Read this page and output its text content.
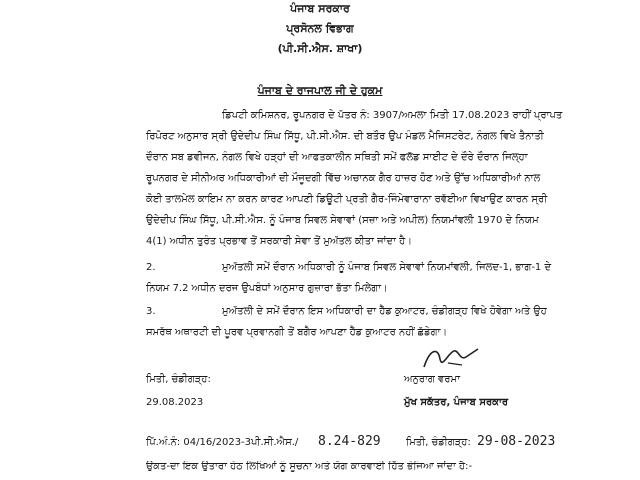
ਪੰਜਾਬ ਸਰਕਾਰ
ਪ੍ਰਸੋਨਲ ਵਿਭਾਗ
(ਪੀ.ਸੀ.ਐਸ. ਸ਼ਾਖਾ)
ਪੰਜਾਬ ਦੇ ਰਾਜਪਾਲ ਜੀ ਦੇ ਹੁਕਮ
ਡਿਪਟੀ ਕਮਿਸ਼ਨਰ, ਰੂਪਨਗਰ ਦੇ ਪੱਤਰ ਨੰ: 3907/ਅਮਲਾ ਮਿਤੀ 17.08.2023 ਰਾਹੀਂ ਪ੍ਰਾਪਤ
ਰਿਪੋਰਟ ਅਨੁਸਾਰ ਸ੍ਰੀ ਉਦੇਦੀਪ ਸਿੰਘ ਸਿੱਧੂ, ਪੀ.ਸੀ.ਐਸ. ਦੀ ਬਤੌਰ ਉਪ ਮੰਡਲ ਮੈਜਿਸਟਰੇਟ, ਨੰਗਲ ਵਿਖੇ ਤੈਨਾਤੀ
ਦੌਰਾਨ ਸਬ ਡਵੀਜਨ, ਨੰਗਲ ਵਿਖੇ ਹੜ੍ਹਾਂ ਦੀ ਆਫਤਕਾਲੀਨ ਸਥਿਤੀ ਸਮੇਂ ਫਲੱਡ ਸਾਈਟ ਦੇ ਦੌਰੇ ਦੌਰਾਨ ਜਿਲ੍ਹਾ
ਰੂਪਨਗਰ ਦੇ ਸੀਨੀਅਰ ਅਧਿਕਾਰੀਆਂ ਦੀ ਮੌਜੂਦਗੀ ਵਿੱਚ ਅਚਾਨਕ ਗੈਰ ਹਾਜ਼ਰ ਹੋਣ ਅਤੇ ਉੱਚ ਅਧਿਕਾਰੀਆਂ ਨਾਲ
ਕੋਈ ਤਾਲਮੇਲ ਕਾਇਮ ਨਾ ਕਰਨ ਕਾਰਣ ਆਪਣੀ ਡਿਊਟੀ ਪ੍ਰਤੀ ਗੈਰ-ਜਿੰਮੇਵਾਰਾਨਾ ਰਵੱਈਆ ਵਿਖਾਉਣ ਕਾਰਨ ਸ੍ਰੀ
ਉਦੇਦੀਪ ਸਿੰਘ ਸਿੱਧੂ, ਪੀ.ਸੀ.ਐਸ. ਨੂੰ ਪੰਜਾਬ ਸਿਵਲ ਸੇਵਾਵਾਂ (ਸਜ਼ਾ ਅਤੇ ਅਪੀਲ) ਨਿਯਮਾਂਵਲੀ 1970 ਦੇ ਨਿਯਮ
4(1) ਅਧੀਨ ਤੁਰੰਤ ਪ੍ਰਭਾਵ ਤੋਂ ਸਰਕਾਰੀ ਸੇਵਾ ਤੋਂ ਮੁਅੱਤਲ ਕੀਤਾ ਜਾਂਦਾ ਹੈ।
2.	ਮੁਅੱਤਲੀ ਸਮੇਂ ਦੌਰਾਨ ਅਧਿਕਾਰੀ ਨੂੰ ਪੰਜਾਬ ਸਿਵਲ ਸੇਵਾਵਾਂ ਨਿਯਮਾਂਵਲੀ, ਜਿਲਦ-1, ਭਾਗ-1 ਦੇ
ਨਿਯਮ 7.2 ਅਧੀਨ ਦਰਜ ਉਪਬੰਧਾਂ ਅਨੁਸਾਰ ਗੁਜ਼ਾਰਾ ਭੱਤਾ ਮਿਲੇਗਾ।
3.	ਮੁਅੱਤਲੀ ਦੇ ਸਮੇਂ ਦੌਰਾਨ ਇਸ ਅਧਿਕਾਰੀ ਦਾ ਹੈੱਡ ਕੁਆਟਰ, ਚੰਡੀਗੜ੍ਹ ਵਿਖੇ ਹੋਵੇਗਾ ਅਤੇ ਉਹ
ਸਮਰੱਥ ਅਥਾਰਟੀ ਦੀ ਪੂਰਵ ਪ੍ਰਵਾਨਗੀ ਤੋਂ ਬਗੈਰ ਆਪਣਾ ਹੈੱਡ ਕੁਆਟਰ ਨਹੀਂ ਛੱਡੇਗਾ।
ਮਿਤੀ, ਚੰਡੀਗੜ੍ਹ:
29.08.2023
ਅਨੁਰਾਗ ਵਰਮਾ
ਮੁੱਖ ਸਕੱਤਰ, ਪੰਜਾਬ ਸਰਕਾਰ
ਪਿੱ.ਅੰ.ਨੰ: 04/16/2023-3ਪੀ.ਸੀ.ਐਸ./ 8.24-829	ਮਿਤੀ, ਚੰਡੀਗੜ੍ਹ: 29-08-2023
ਉਕਤ-ਦਾ ਇਕ ਉਤਾਰਾ ਹੇਠ ਲਿਖਿਆਂ ਨੂੰ ਸੂਚਨਾ ਅਤੇ ਯੋਗ ਕਾਰਵਾਈ ਹਿੱਤ ਭੇਜਿਆ ਜਾਂਦਾ ਹੈ:-
